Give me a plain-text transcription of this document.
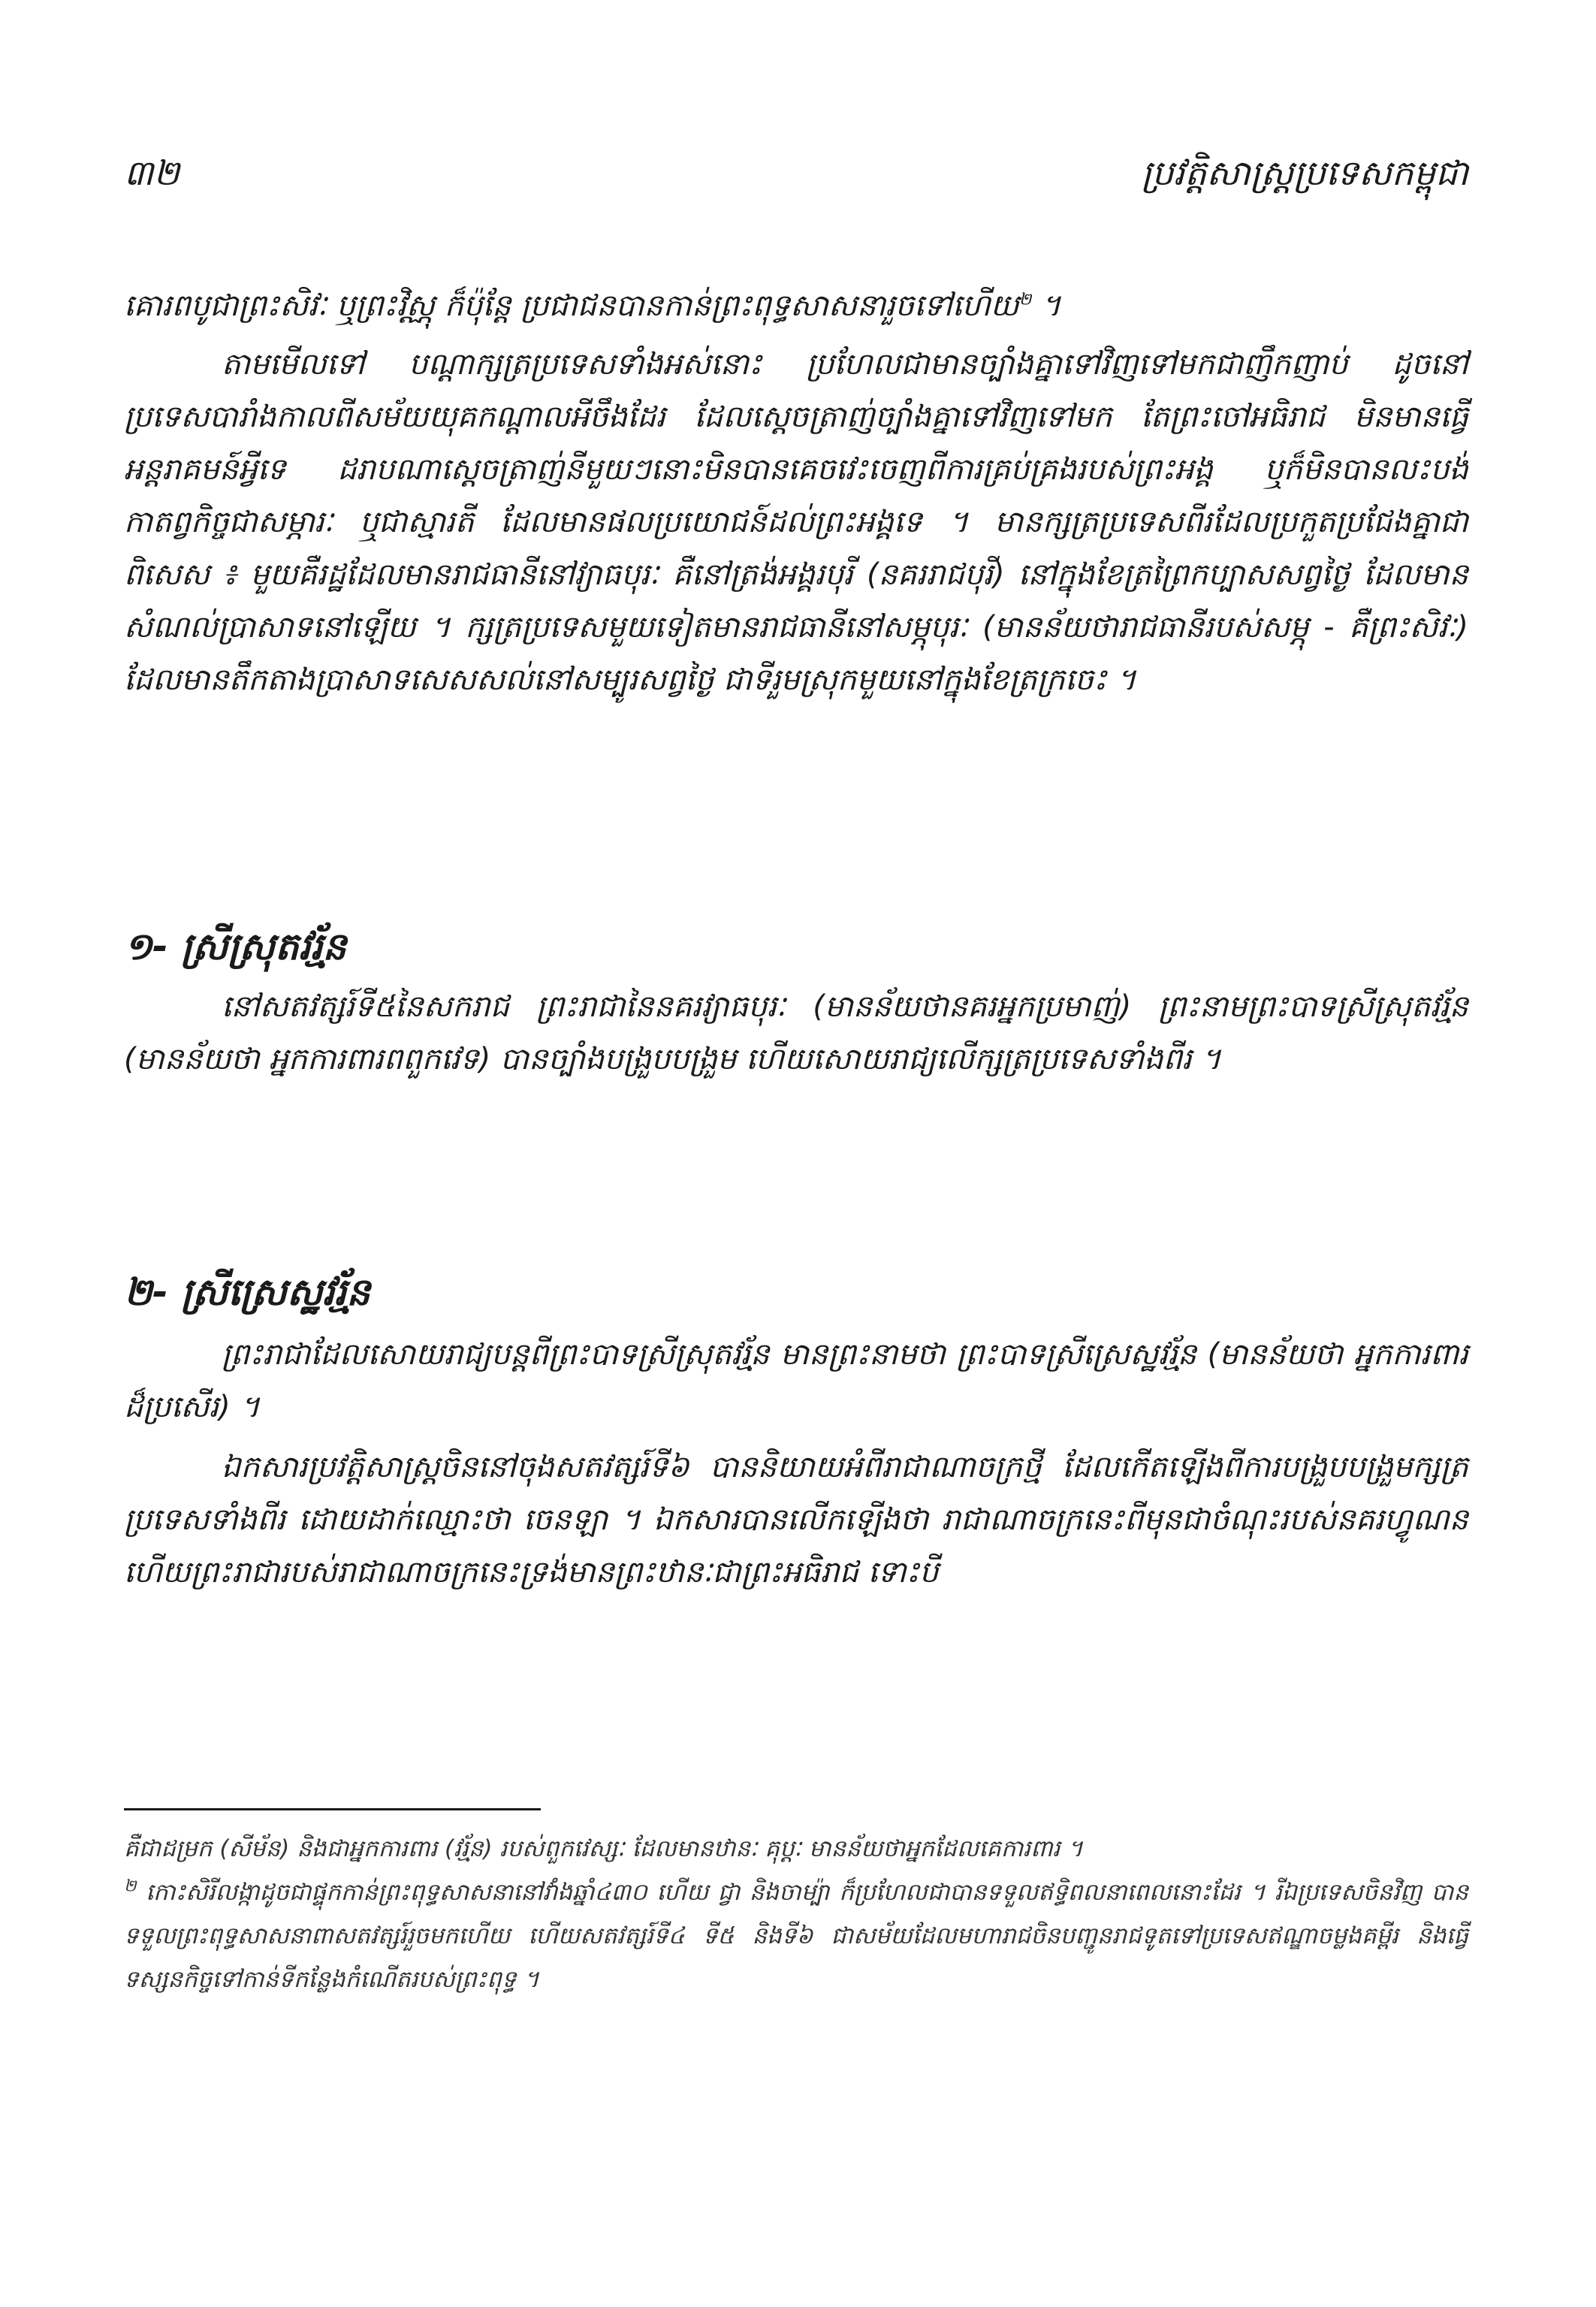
៣២	ប្រវត្តិសាស្ត្រប្រទេសកម្ពុជា
គោរពបូជាព្រះសិវៈ ឬព្រះវិស្ណុ ក៏ប៉ុន្តែ ប្រជាជនបានកាន់ព្រះពុទ្ធសាសនារួចទៅហើយ$^២$ ។
តាមមើលទៅ បណ្តាក្សត្រប្រទេសទាំងអស់នោះ ប្រហែលជាមានច្បាំងគ្នាទៅវិញទៅមកជាញឹកញាប់ ដូចនៅប្រទេសបារាំងកាលពីសម័យយុគកណ្តាលអីចឹងដែរ ដែលស្តេចត្រាញ់ច្បាំងគ្នាទៅវិញទៅមក តែព្រះចៅអធិរាជ មិនមានធ្វើអន្តរាគមន៍អ្វីទេ ដរាបណាស្តេចត្រាញ់នីមួយៗនោះមិនបានគេចវេះចេញពីការគ្រប់គ្រងរបស់ព្រះអង្គ ឬក៏មិនបានលះបង់កាតព្វកិច្ចជាសម្ភារៈ ឬជាស្មារតី ដែលមានផលប្រយោជន៍ដល់ព្រះអង្គទេ ។ មានក្សត្រប្រទេសពីរដែលប្រកួតប្រជែងគ្នាជាពិសេស ៖ មួយគឺរដ្ឋដែលមានរាជធានីនៅវ្យាធបុរៈ គឺនៅត្រង់អង្គរបុរី (នគររាជបុរី) នៅក្នុងខែត្រព្រៃកប្បាសសព្វថ្ងៃ ដែលមានសំណល់ប្រាសាទនៅឡើយ ។ ក្សត្រប្រទេសមួយទៀតមានរាជធានីនៅសម្ភុបុរៈ (មានន័យថារាជធានីរបស់សម្ភុ - គឺព្រះសិវៈ) ដែលមានតឹកតាងប្រាសាទសេសសល់នៅសម្បូរសព្វថ្ងៃ ជាទីរួមស្រុកមួយនៅក្នុងខែត្រក្រចេះ ។
១- ស្រីស្រុតវរ្ម័ន
នៅសតវត្សរ៍ទី៥នៃសករាជ ព្រះរាជានៃនគរវ្យាធបុរៈ (មានន័យថានគរអ្នកប្រមាញ់) ព្រះនាមព្រះបាទស្រីស្រុតវរ្ម័ន (មានន័យថា អ្នកការពារពពួកវេទ) បានច្បាំងបង្រួបបង្រួម ហើយសោយរាជ្យលើក្សត្រប្រទេសទាំងពីរ ។
២- ស្រីស្រេស្ឋវរ្ម័ន
ព្រះរាជាដែលសោយរាជ្យបន្តពីព្រះបាទស្រីស្រុតវរ្ម័ន មានព្រះនាមថា ព្រះបាទស្រីស្រេស្ឋវរ្ម័ន (មានន័យថា អ្នកការពារដ៏ប្រសើរ) ។
ឯកសារប្រវត្តិសាស្ត្រចិននៅចុងសតវត្សរ៍ទី៦ បាននិយាយអំពីរាជាណាចក្រថ្មី ដែលកើតឡើងពីការបង្រួបបង្រួមក្សត្រប្រទេសទាំងពីរ ដោយដាក់ឈ្មោះថា ចេនឡា ។ ឯកសារបានលើកឡើងថា រាជាណាចក្រនេះពីមុនជាចំណុះរបស់នគរហ្វូណន ហើយព្រះរាជារបស់រាជាណាចក្រនេះទ្រង់មានព្រះឋានៈជាព្រះអធិរាជ ទោះបី
គឺជាដម្រក (សីម័ន) និងជាអ្នកការពារ (វរ្ម័ន) របស់ពួកវេស្សៈ ដែលមានឋានៈ គុប្តៈ មានន័យថាអ្នកដែលគេការពារ ។
$^២$ កោះសិរីលង្កាដូចជាផ្ទុកកាន់ព្រះពុទ្ធសាសនានៅវាំងឆ្នាំ៤៣០ ហើយ ជ្វា និងចាម្ប៉ា ក៏ប្រហែលជាបានទទួលឥទ្ធិពលនាពេលនោះដែរ ។ រីឯប្រទេសចិនវិញ បានទទួលព្រះពុទ្ធសាសនាពាសតវត្សរ៍រួចមកហើយ ហើយសតវត្សរ៍ទី៤ ទី៥ និងទី៦ ជាសម័យដែលមហារាជចិនបញ្ជូនរាជទូតទៅប្រទេសឥណ្ឌាចម្លងគម្ពីរ និងធ្វើទស្សនកិច្ចទៅកាន់ទីកន្លែងកំណើតរបស់ព្រះពុទ្ធ ។
